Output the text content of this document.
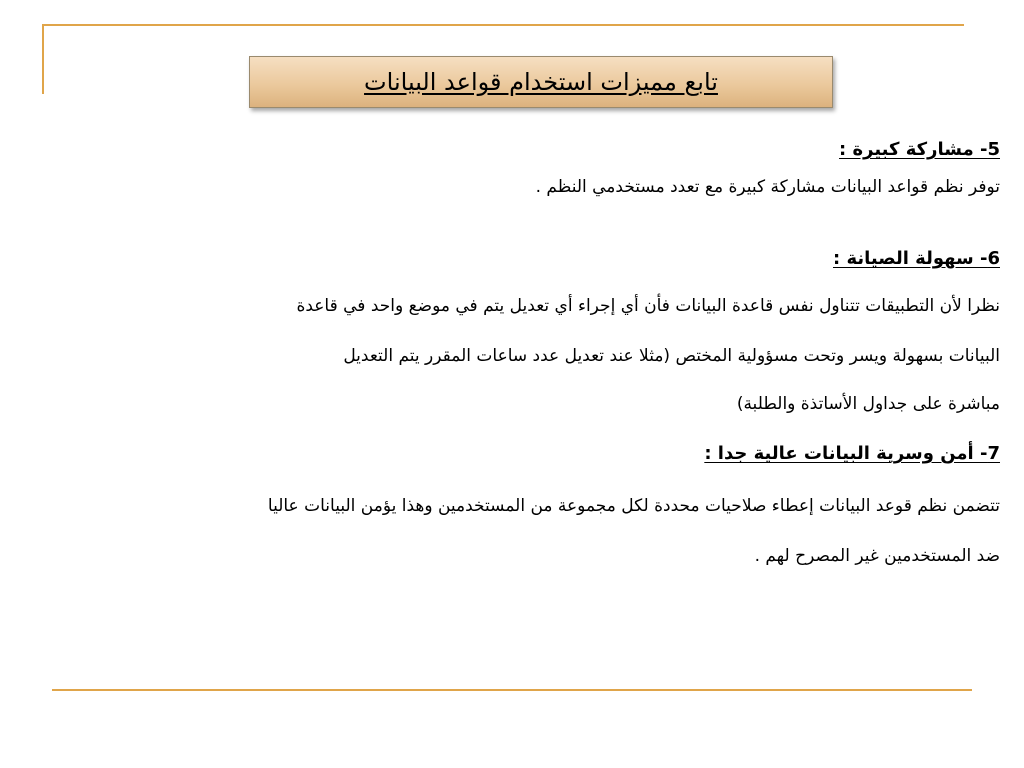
تابع مميزات استخدام قواعد البيانات
5- مشاركة كبيرة :
توفر نظم قواعد البيانات مشاركة كبيرة مع تعدد مستخدمي النظم .
6- سهولة الصيانة :
نظرا لأن التطبيقات تتناول نفس قاعدة البيانات فأن أي إجراء أي تعديل يتم في موضع واحد في قاعدة
البيانات بسهولة ويسر وتحت مسؤولية المختص (مثلا عند تعديل عدد ساعات المقرر يتم التعديل
مباشرة على جداول الأساتذة والطلبة)
7- أمن وسرية البيانات عالية جدا :
تتضمن نظم قوعد البيانات إعطاء صلاحيات محددة لكل مجموعة من المستخدمين وهذا يؤمن البيانات عاليا
ضد المستخدمين غير المصرح لهم .
